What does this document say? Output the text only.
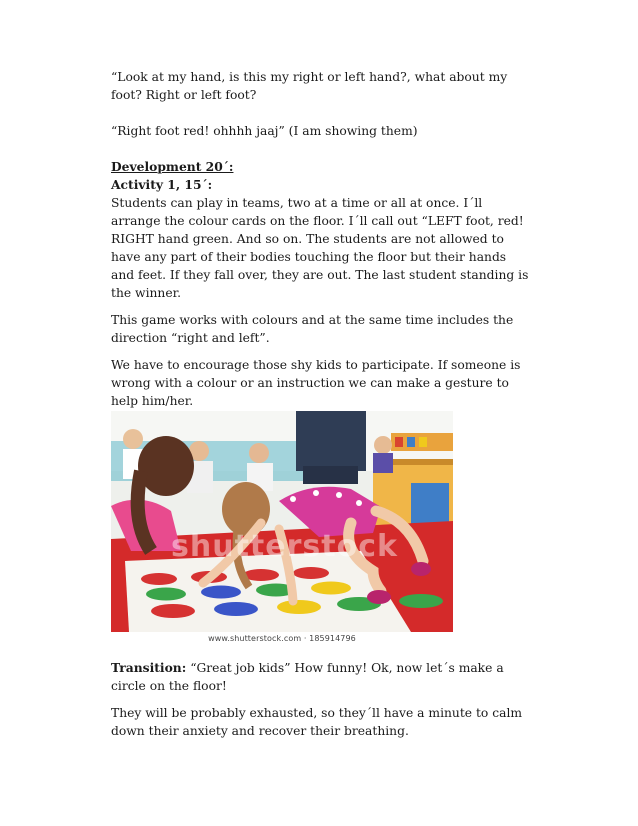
“Look at my hand, is this my right or left hand?, what about my foot? Right or left foot?

“Right foot red! ohhhh jaaj” (I am showing them)

Development 20´:

Activity 1, 15´:

Students can play in teams, two at a time or all at once. I´ll arrange the colour cards on the floor. I´ll call out “LEFT foot, red! RIGHT hand green. And so on. The students are not allowed to have any part of their bodies touching the floor but their hands and feet. If they fall over, they are out. The last student standing is the winner.

This game works with colours and at the same time includes the direction “right and left”.

We have to encourage those shy kids to participate. If someone is wrong with a colour or an instruction we can make a gesture to help him/her.

shutterstock
www.shutterstock.com · 185914796

Transition: “Great job kids” How funny! Ok, now let´s make a circle on the floor!

They will be probably exhausted, so they´ll have a minute to calm down their anxiety and recover their breathing.
